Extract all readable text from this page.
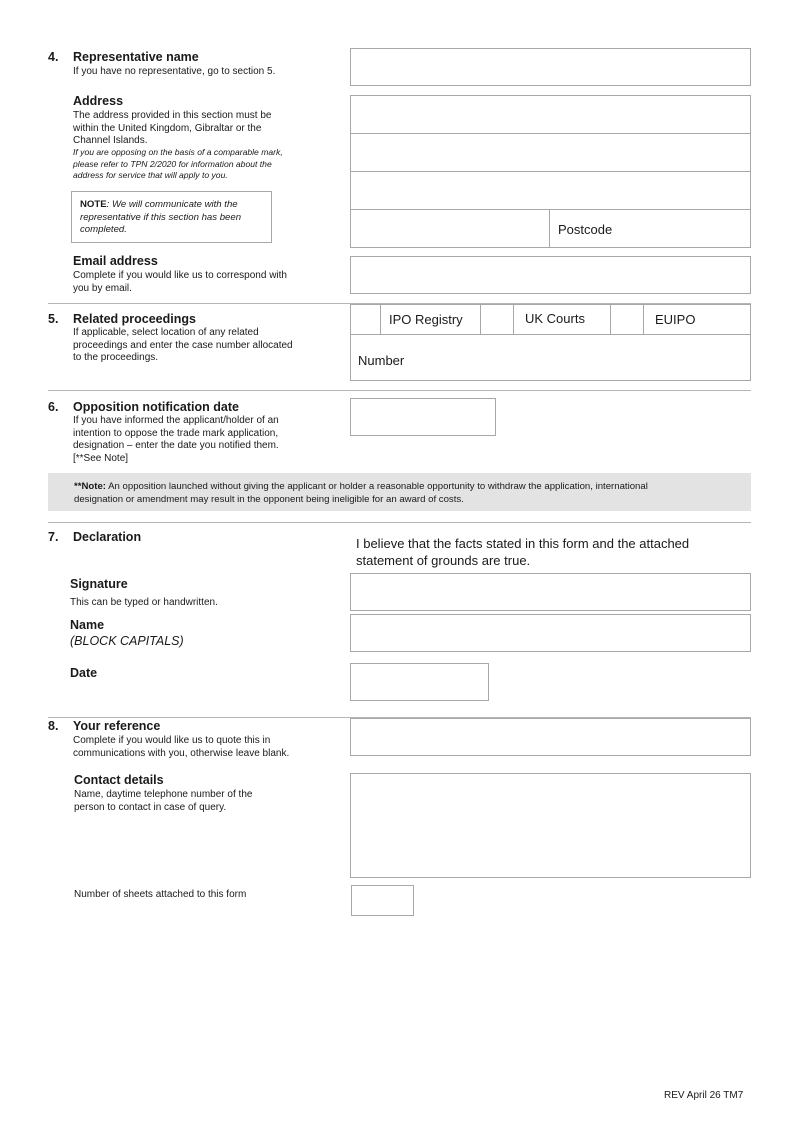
4. Representative name
If you have no representative, go to section 5.
Address
The address provided in this section must be
within the United Kingdom, Gibraltar or the
Channel Islands.
If you are opposing on the basis of a comparable mark,
please refer to TPN 2/2020 for information about the
address for service that will apply to you.
NOTE: We will communicate with the
representative if this section has been
completed.	Postcode
Email address
Complete if you would like us to correspond with
you by email.
5. Related proceedings
If applicable, select location of any related
proceedings and enter the case number allocated
to the proceedings.
IPO Registry	UK Courts	EUIPO
Number
6. Opposition notification date
If you have informed the applicant/holder of an
intention to oppose the trade mark application,
designation – enter the date you notified them.
[**See Note]
**Note: An opposition launched without giving the applicant or holder a reasonable opportunity to withdraw the application, international
designation or amendment may result in the opponent being ineligible for an award of costs.
7. Declaration	I believe that the facts stated in this form and the attached
statement of grounds are true.
Signature
This can be typed or handwritten.
Name
(BLOCK CAPITALS)
Date
8. Your reference
Complete if you would like us to quote this in
communications with you, otherwise leave blank.
Contact details
Name, daytime telephone number of the
person to contact in case of query.
Number of sheets attached to this form
REV April 26 TM7
